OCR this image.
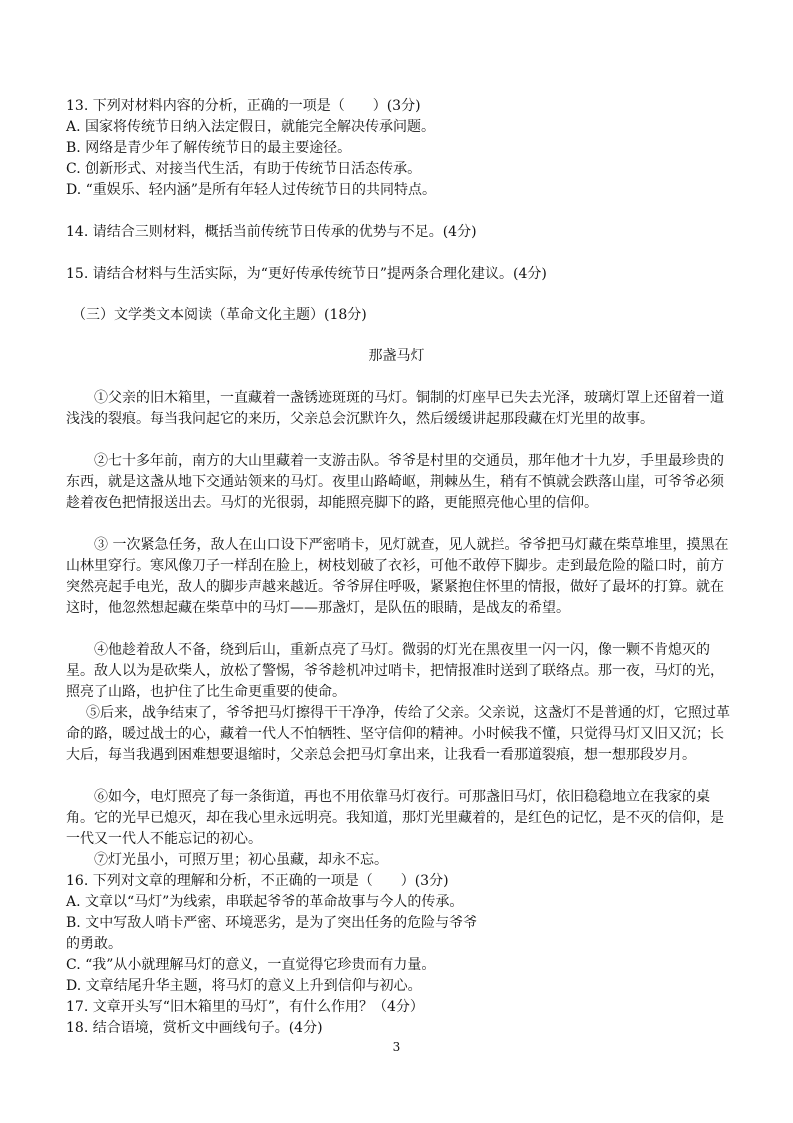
13. 下列对材料内容的分析，正确的一项是（　　）(3分)
A. 国家将传统节日纳入法定假日，就能完全解决传承问题。
B. 网络是青少年了解传统节日的最主要途径。
C. 创新形式、对接当代生活，有助于传统节日活态传承。
D. “重娱乐、轻内涵”是所有年轻人过传统节日的共同特点。
14. 请结合三则材料，概括当前传统节日传承的优势与不足。(4分)
15. 请结合材料与生活实际，为“更好传承传统节日”提两条合理化建议。(4分)
（三）文学类文本阅读（革命文化主题）(18分)
那盏马灯
①父亲的旧木箱里，一直藏着一盏锈迹斑斑的马灯。铜制的灯座早已失去光泽，玻璃灯罩上还留着一道浅浅的裂痕。每当我问起它的来历，父亲总会沉默许久，然后缓缓讲起那段藏在灯光里的故事。
②七十多年前，南方的大山里藏着一支游击队。爷爷是村里的交通员，那年他才十九岁，手里最珍贵的东西，就是这盏从地下交通站领来的马灯。夜里山路崎岖，荆棘丛生，稍有不慎就会跌落山崖，可爷爷必须趁着夜色把情报送出去。马灯的光很弱，却能照亮脚下的路，更能照亮他心里的信仰。
③ 一次紧急任务，敌人在山口设下严密哨卡，见灯就查，见人就拦。爷爷把马灯藏在柴草堆里，摸黑在山林里穿行。寒风像刀子一样刮在脸上，树枝划破了衣衫，可他不敢停下脚步。走到最危险的隘口时，前方突然亮起手电光，敌人的脚步声越来越近。爷爷屏住呼吸，紧紧抱住怀里的情报，做好了最坏的打算。就在这时，他忽然想起藏在柴草中的马灯——那盏灯，是队伍的眼睛，是战友的希望。
④他趁着敌人不备，绕到后山，重新点亮了马灯。微弱的灯光在黑夜里一闪一闪，像一颗不肯熄灭的星。敌人以为是砍柴人，放松了警惕，爷爷趁机冲过哨卡，把情报准时送到了联络点。那一夜，马灯的光，照亮了山路，也护住了比生命更重要的使命。
⑤后来，战争结束了，爷爷把马灯擦得干干净净，传给了父亲。父亲说，这盏灯不是普通的灯，它照过革命的路，暖过战士的心，藏着一代人不怕牺牲、坚守信仰的精神。小时候我不懂，只觉得马灯又旧又沉；长大后，每当我遇到困难想要退缩时，父亲总会把马灯拿出来，让我看一看那道裂痕，想一想那段岁月。
⑥如今，电灯照亮了每一条街道，再也不用依靠马灯夜行。可那盏旧马灯，依旧稳稳地立在我家的桌角。它的光早已熄灭，却在我心里永远明亮。我知道，那灯光里藏着的，是红色的记忆，是不灭的信仰，是一代又一代人不能忘记的初心。
⑦灯光虽小，可照万里；初心虽藏，却永不忘。
16. 下列对文章的理解和分析，不正确的一项是（　　）(3分)
A. 文章以“马灯”为线索，串联起爷爷的革命故事与今人的传承。
B. 文中写敌人哨卡严密、环境恶劣，是为了突出任务的危险与爷爷
的勇敢。
C. “我”从小就理解马灯的意义，一直觉得它珍贵而有力量。
D. 文章结尾升华主题，将马灯的意义上升到信仰与初心。
17. 文章开头写“旧木箱里的马灯”，有什么作用？（4分）
18. 结合语境，赏析文中画线句子。(4分)
3
